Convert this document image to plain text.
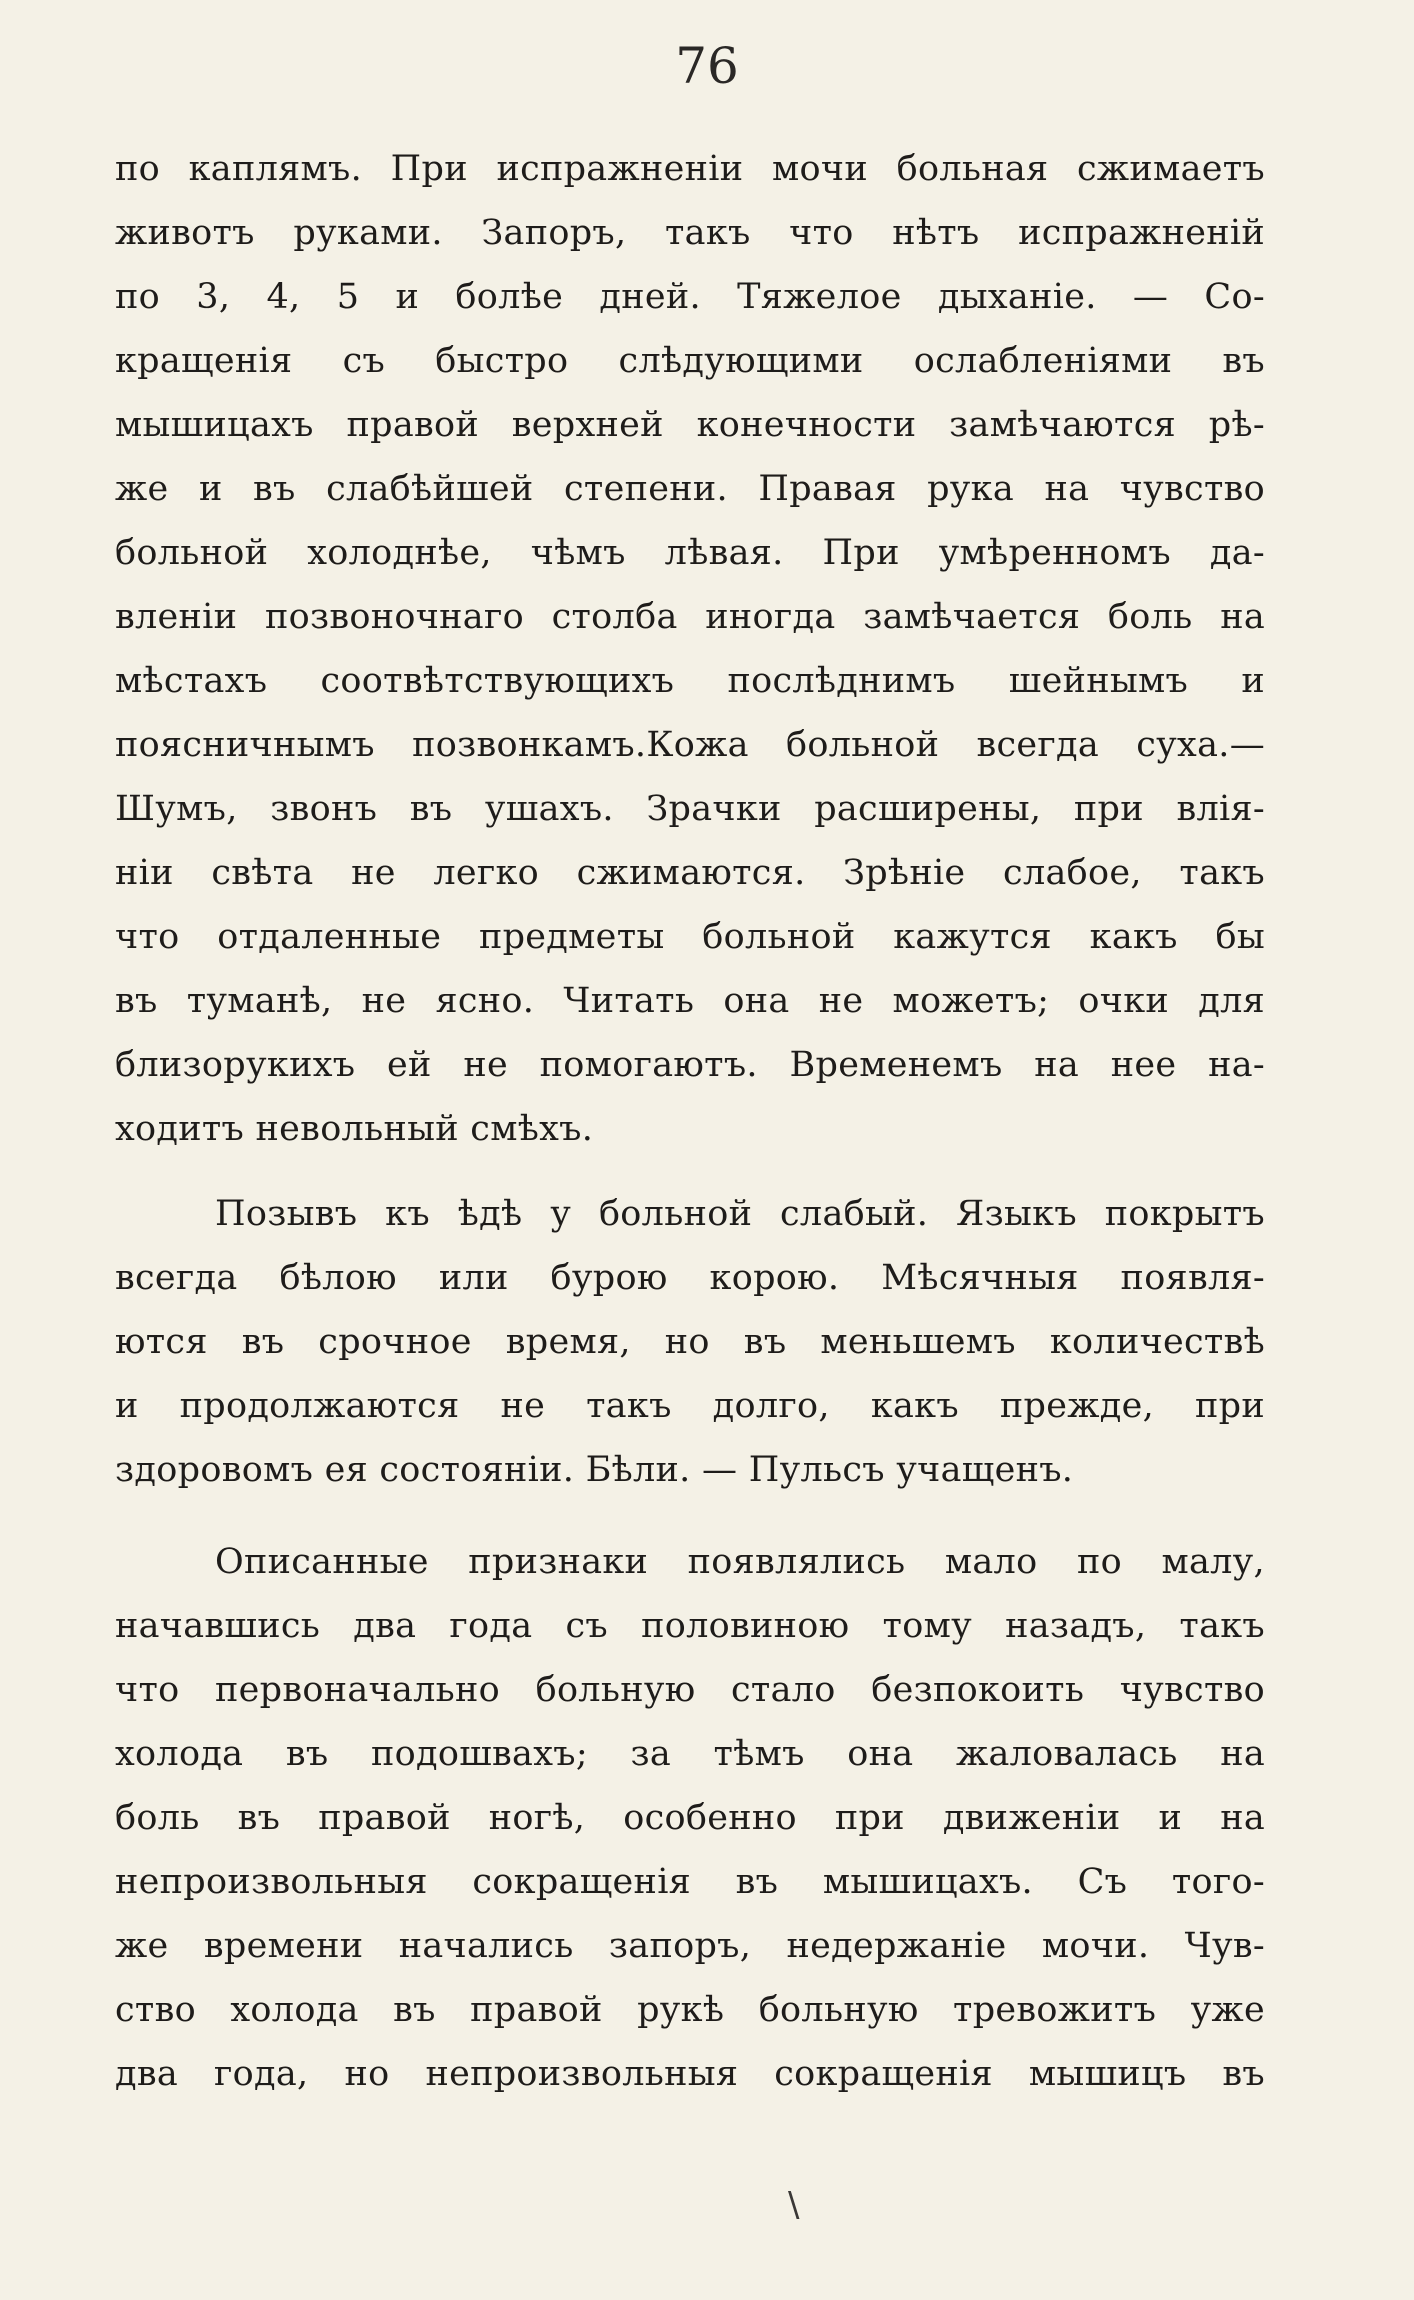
76
по каплямъ. При испражненіи мочи больная сжимаетъ
животъ руками. Запоръ, такъ что нѣтъ испражненій
по 3, 4, 5 и болѣе дней. Тяжелое дыханіе. — Со-
кращенія съ быстро слѣдующими ослабленіями въ
мышицахъ правой верхней конечности замѣчаются рѣ-
же и въ слабѣйшей степени. Правая рука на чувство
больной холоднѣе, чѣмъ лѣвая. При умѣренномъ да-
вленіи позвоночнаго столба иногда замѣчается боль на
мѣстахъ соотвѣтствующихъ послѣднимъ шейнымъ и
поясничнымъ позвонкамъ.Кожа больной всегда суха.—
Шумъ, звонъ въ ушахъ. Зрачки расширены, при влія-
ніи свѣта не легко сжимаются. Зрѣніе слабое, такъ
что отдаленные предметы больной кажутся какъ бы
въ туманѣ, не ясно. Читать она не можетъ; очки для
близорукихъ ей не помогаютъ. Временемъ на нее на-
ходитъ невольный смѣхъ.
Позывъ къ ѣдѣ у больной слабый. Языкъ покрытъ
всегда бѣлою или бурою корою. Мѣсячныя появля-
ются въ срочное время, но въ меньшемъ количествѣ
и продолжаются не такъ долго, какъ прежде, при
здоровомъ ея состояніи. Бѣли. — Пульсъ учащенъ.
Описанные признаки появлялись мало по малу,
начавшись два года съ половиною тому назадъ, такъ
что первоначально больную стало безпокоить чувство
холода въ подошвахъ; за тѣмъ она жаловалась на
боль въ правой ногѣ, особенно при движеніи и на
непроизвольныя сокращенія въ мышицахъ. Съ того-
же времени начались запоръ, недержаніе мочи. Чув-
ство холода въ правой рукѣ больную тревожитъ уже
два года, но непроизвольныя сокращенія мышицъ въ
\
